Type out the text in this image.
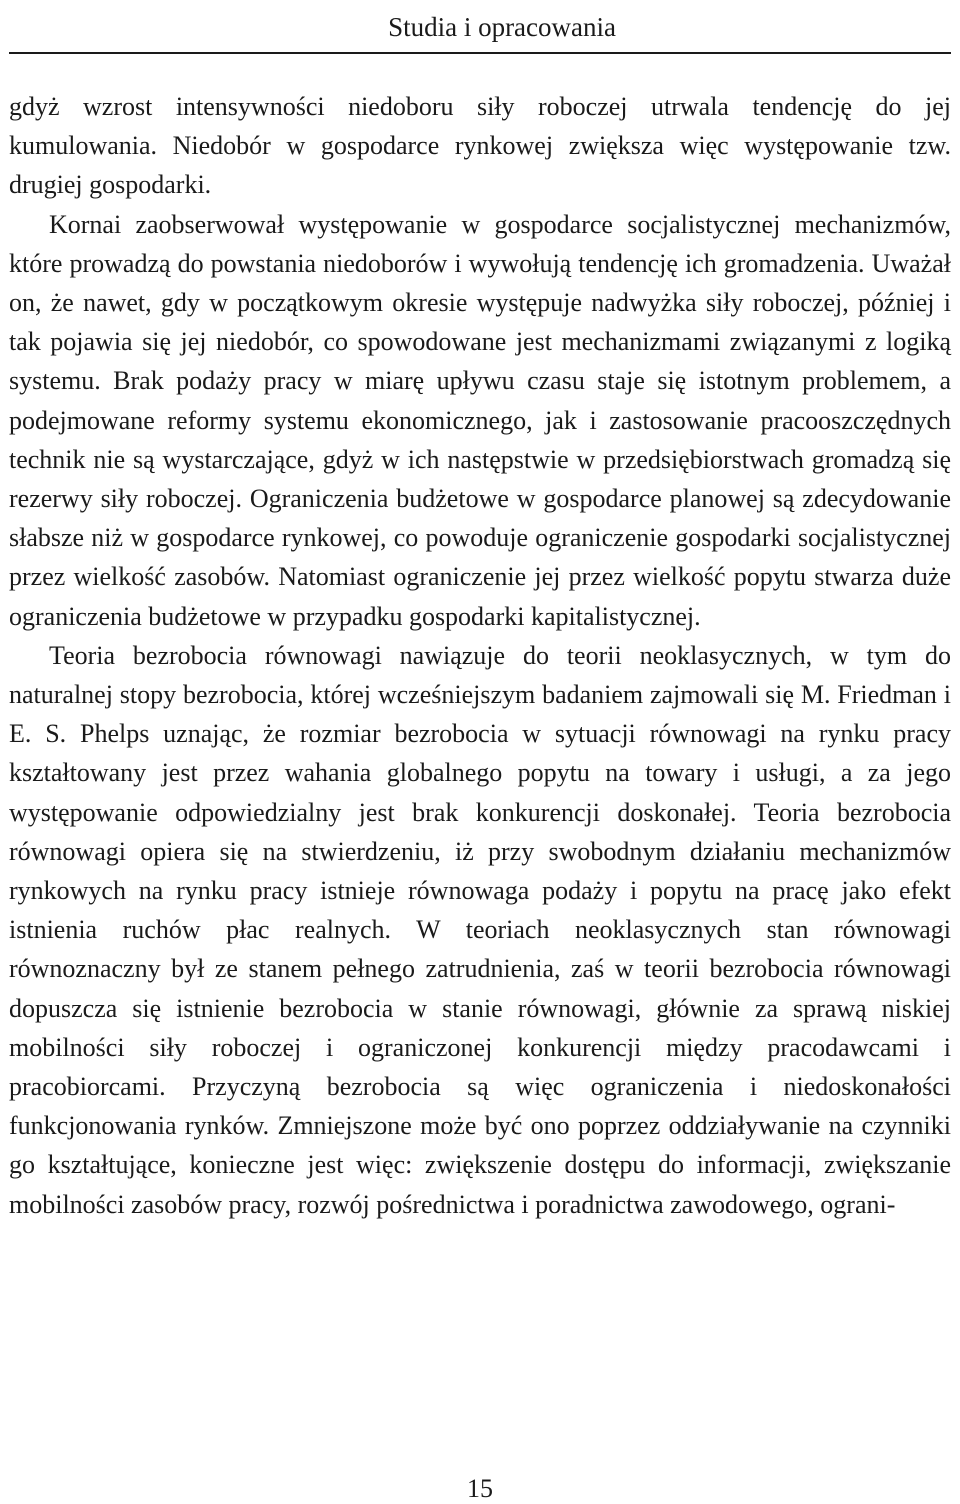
Studia i opracowania

gdyż wzrost intensywności niedoboru siły roboczej utrwala tendencję do jej kumulowania. Niedobór w gospodarce rynkowej zwiększa więc występowanie tzw. drugiej gospodarki.

Kornai zaobserwował występowanie w gospodarce socjalistycznej mechanizmów, które prowadzą do powstania niedoborów i wywołują tendencję ich gromadzenia. Uważał on, że nawet, gdy w początkowym okresie występuje nadwyżka siły roboczej, później i tak pojawia się jej niedobór, co spowodowane jest mechanizmami związanymi z logiką systemu. Brak podaży pracy w miarę upływu czasu staje się istotnym problemem, a podejmowane reformy systemu ekonomicznego, jak i zastosowanie pracooszczędnych technik nie są wystarczające, gdyż w ich następstwie w przedsiębiorstwach gromadzą się rezerwy siły roboczej. Ograniczenia budżetowe w gospodarce planowej są zdecydowanie słabsze niż w gospodarce rynkowej, co powoduje ograniczenie gospodarki socjalistycznej przez wielkość zasobów. Natomiast ograniczenie jej przez wielkość popytu stwarza duże ograniczenia budżetowe w przypadku gospodarki kapitalistycznej.

Teoria bezrobocia równowagi nawiązuje do teorii neoklasycznych, w tym do naturalnej stopy bezrobocia, której wcześniejszym badaniem zajmowali się M. Friedman i E. S. Phelps uznając, że rozmiar bezrobocia w sytuacji równowagi na rynku pracy kształtowany jest przez wahania globalnego popytu na towary i usługi, a za jego występowanie odpowiedzialny jest brak konkurencji doskonałej. Teoria bezrobocia równowagi opiera się na stwierdzeniu, iż przy swobodnym działaniu mechanizmów rynkowych na rynku pracy istnieje równowaga podaży i popytu na pracę jako efekt istnienia ruchów płac realnych. W teoriach neoklasycznych stan równowagi równoznaczny był ze stanem pełnego zatrudnienia, zaś w teorii bezrobocia równowagi dopuszcza się istnienie bezrobocia w stanie równowagi, głównie za sprawą niskiej mobilności siły roboczej i ograniczonej konkurencji między pracodawcami i pracobiorcami. Przyczyną bezrobocia są więc ograniczenia i niedoskonałości funkcjonowania rynków. Zmniejszone może być ono poprzez oddziaływanie na czynniki go kształtujące, konieczne jest więc: zwiększenie dostępu do informacji, zwiększanie mobilności zasobów pracy, rozwój pośrednictwa i poradnictwa zawodowego, ograni-

15
